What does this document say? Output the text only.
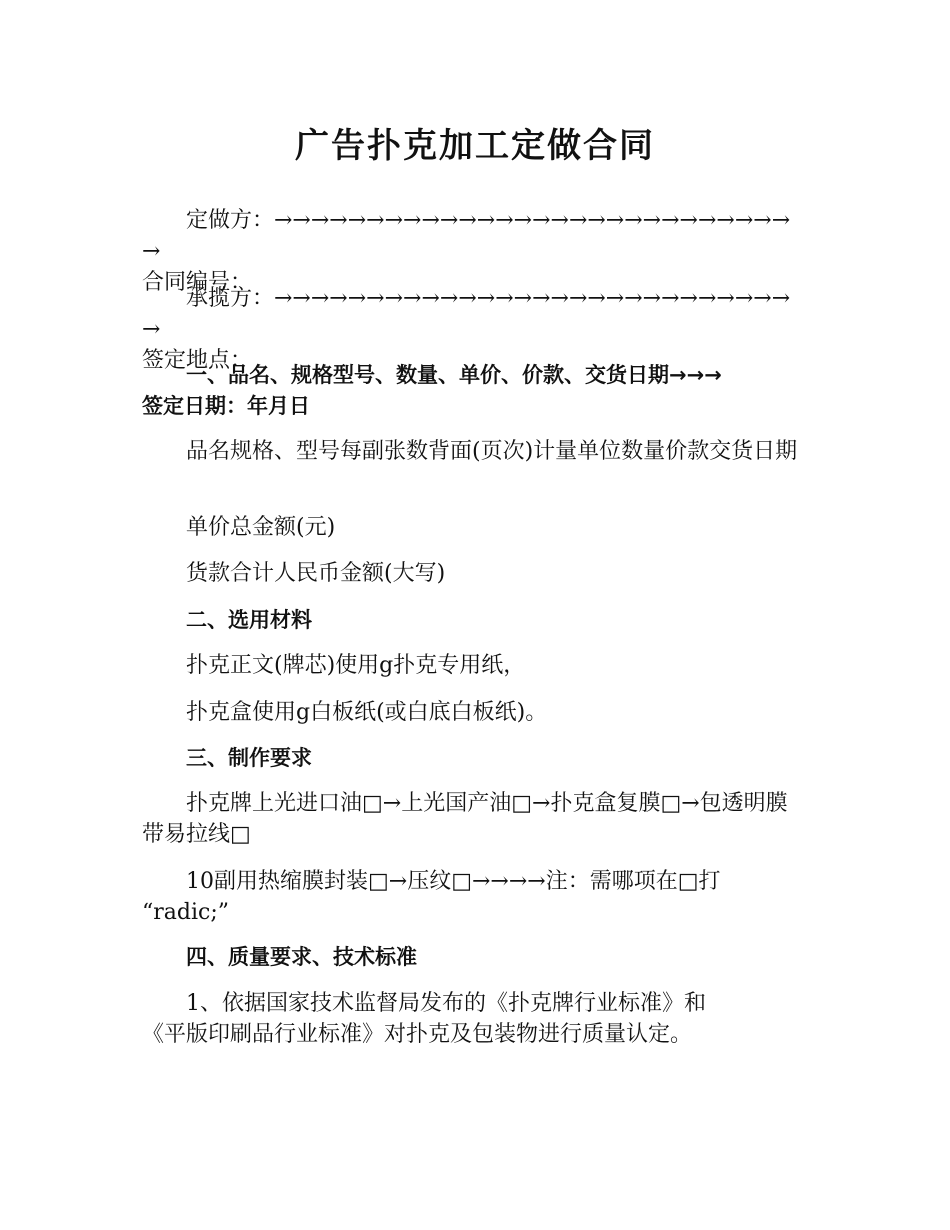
广告扑克加工定做合同

定做方：→→→→→→→→→→→→→→→→→→→→→→→→→→→→→
合同编号：

承揽方：→→→→→→→→→→→→→→→→→→→→→→→→→→→→→
签定地点：

一、品名、规格型号、数量、单价、价款、交货日期→→→
签定日期：年月日

品名规格、型号每副张数背面(页次)计量单位数量价款交货日期

单价总金额(元)

货款合计人民币金额(大写)

二、选用材料

扑克正文(牌芯)使用g扑克专用纸，

扑克盒使用g白板纸(或白底白板纸)。

三、制作要求

扑克牌上光进口油□→上光国产油□→扑克盒复膜□→包透明膜带易拉线□

10副用热缩膜封装□→压纹□→→→→注：需哪项在□打
“radic;”

四、质量要求、技术标准

1、依据国家技术监督局发布的《扑克牌行业标准》和
《平版印刷品行业标准》对扑克及包装物进行质量认定。
